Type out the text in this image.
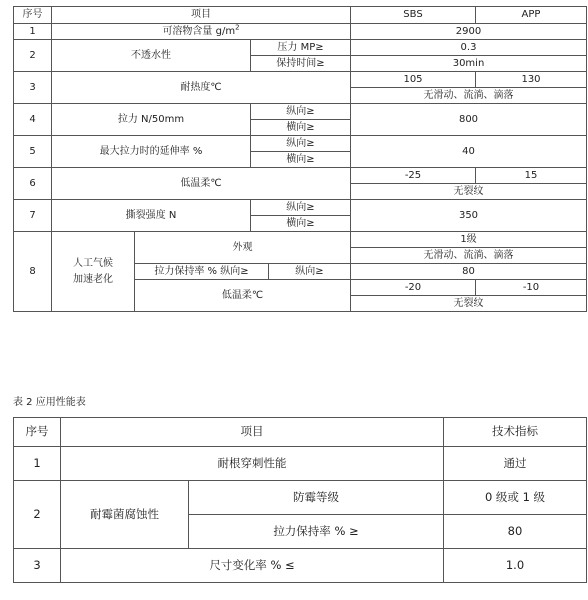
序号	项目				SBS	APP
1	可溶物含量 $g/m^2$				2900	
2	不透水性		压力 MP≥		0.3	
			保持时间≥		30min	
3	耐热度℃				105	130
					无滑动、流淌、滴落	
4	拉力 N/50mm		纵向≥		800	
			横向≥			
5	最大拉力时的延伸率 %		纵向≥		40	
			横向≥			
6	低温柔℃				-25	15
					无裂纹	
7	撕裂强度 N		纵向≥		350	
			横向≥			
8	人工气候
加速老化	外观			1级	
					无滑动、流淌、滴落	
		拉力保持率 % 纵向≥		纵向≥	80	
		低温柔℃			-20	-10
					无裂纹	
表 2 应用性能表
序号	项目		技术指标
1	耐根穿刺性能		通过
2	耐霉菌腐蚀性	防霉等级	0 级或 1 级
		拉力保持率 % ≥	80
3	尺寸变化率 % ≤		1.0
